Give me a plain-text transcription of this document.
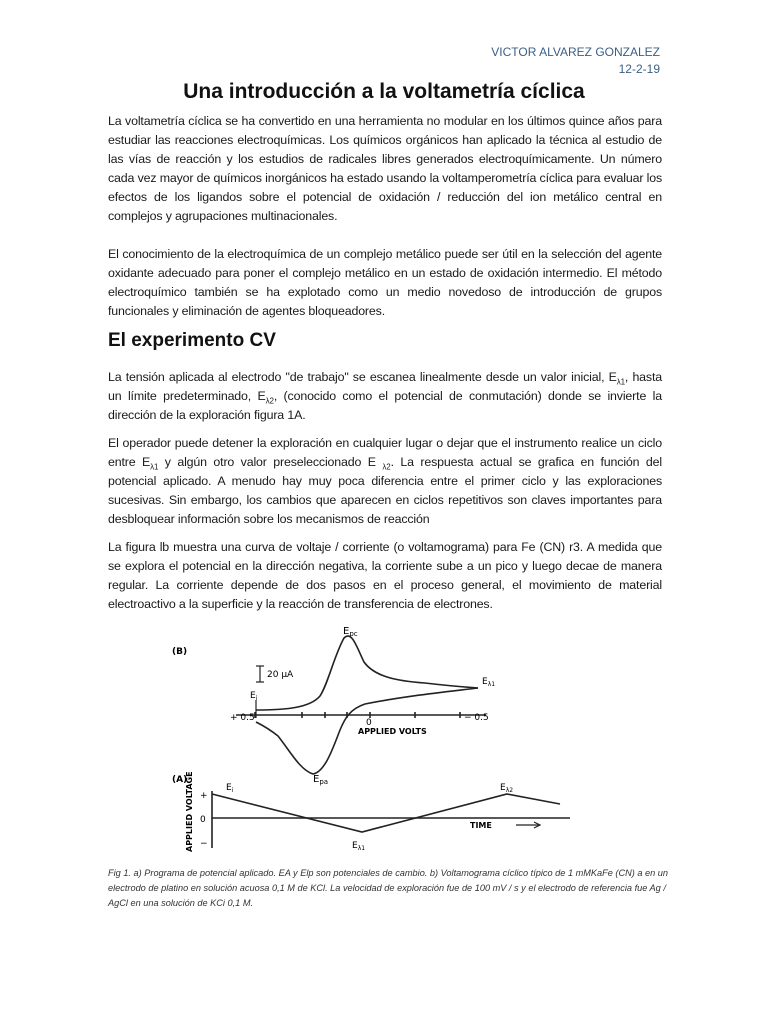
VICTOR ALVAREZ GONZALEZ
12-2-19
Una introducción a la voltametría cíclica

La voltametría cíclica se ha convertido en una herramienta no modular en los últimos quince años para estudiar las reacciones electroquímicas. Los químicos orgánicos han aplicado la técnica al estudio de las vías de reacción y los estudios de radicales libres generados electroquímicamente. Un número cada vez mayor de químicos inorgánicos ha estado usando la voltamperometría cíclica para evaluar los efectos de los ligandos sobre el potencial de oxidación / reducción del ion metálico central en complejos y agrupaciones multinacionales.

El conocimiento de la electroquímica de un complejo metálico puede ser útil en la selección del agente oxidante adecuado para poner el complejo metálico en un estado de oxidación intermedio. El método electroquímico también se ha explotado como un medio novedoso de introducción de grupos funcionales y eliminación de agentes bloqueadores.

El experimento CV

La tensión aplicada al electrodo "de trabajo" se escanea linealmente desde un valor inicial, $E_{\lambda 1}$, hasta un límite predeterminado, $E_{\lambda 2}$, (conocido como el potencial de conmutación) donde se invierte la dirección de la exploración figura 1A.

El operador puede detener la exploración en cualquier lugar o dejar que el instrumento realice un ciclo entre $E_{\lambda 1}$ y algún otro valor preseleccionado E $_{\lambda 2}$. La respuesta actual se grafica en función del potencial aplicado. A menudo hay muy poca diferencia entre el primer ciclo y las exploraciones sucesivas. Sin embargo, los cambios que aparecen en ciclos repetitivos son claves importantes para desbloquear información sobre los mecanismos de reacción

La figura lb muestra una curva de voltaje / corriente (o voltamograma) para Fe (CN) r3. A medida que se explora el potencial en la dirección negativa, la corriente sube a un pico y luego decae de manera regular. La corriente depende de dos pasos en el proceso general, el movimiento de material electroactivo a la superficie y la reacción de transferencia de electrones.

(B)
$E_{pc}$
$E_{pa}$
20 μA
$E_i$
$E_{\lambda 1}$
+ 0.5	0	− 0.5
APPLIED VOLTS
(A)
APPLIED VOLTAGE +
0
−
$E_i$
$E_{\lambda 1}$
$E_{\lambda 2}$
TIME
Fig 1. a) Programa de potencial aplicado. EA y Elp son potenciales de cambio. b) Voltamograma cíclico típico de 1 mMKaFe (CN) a en un electrodo de platino en solución acuosa 0,1 M de KCl. La velocidad de exploración fue de 100 mV / s y el electrodo de referencia fue Ag / AgCl en una solución de KCi 0,1 M.
